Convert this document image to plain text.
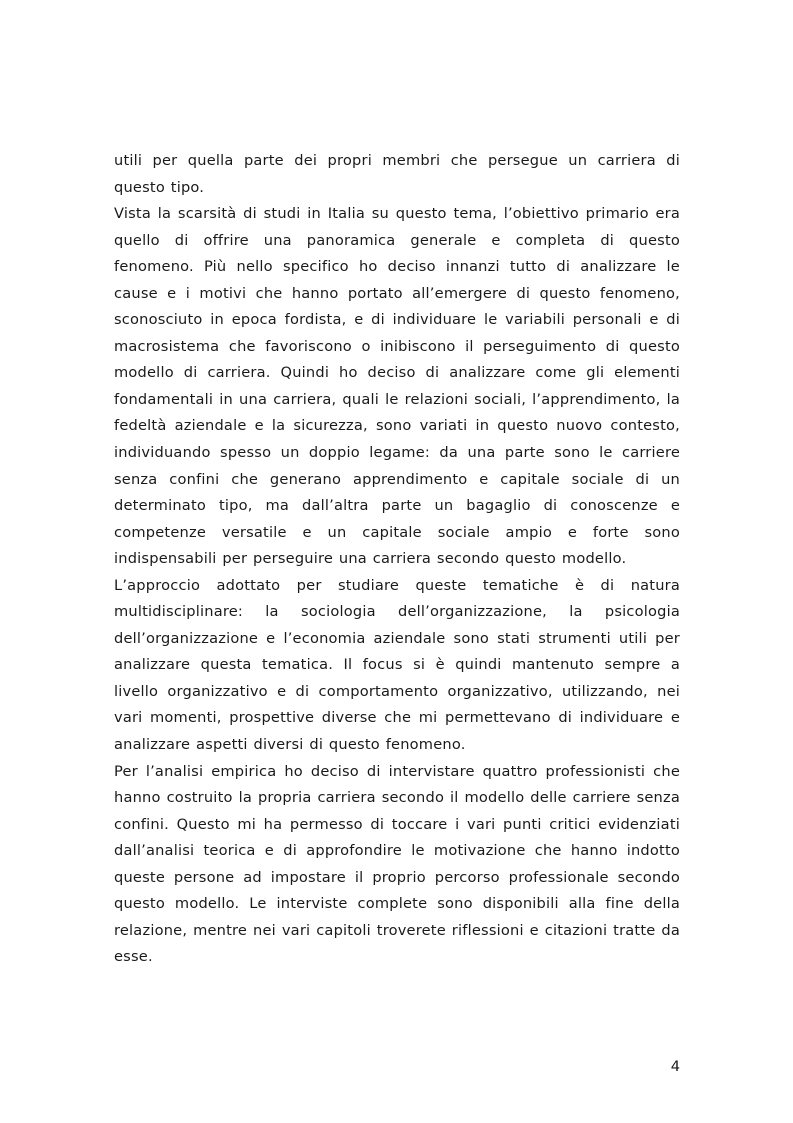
utili per quella parte dei propri membri che persegue un carriera di questo tipo.

Vista la scarsità di studi in Italia su questo tema, l’obiettivo primario era quello di offrire una panoramica generale e completa di questo fenomeno. Più nello specifico ho deciso innanzi tutto di analizzare le cause e i motivi che hanno portato all’emergere di questo fenomeno, sconosciuto in epoca fordista, e di individuare le variabili personali e di macrosistema che favoriscono o inibiscono il perseguimento di questo modello di carriera. Quindi ho deciso di analizzare come gli elementi fondamentali in una carriera, quali le relazioni sociali, l’apprendimento, la fedeltà aziendale e la sicurezza, sono variati in questo nuovo contesto, individuando spesso un doppio legame: da una parte sono le carriere senza confini che generano apprendimento e capitale sociale di un determinato tipo, ma dall’altra parte un bagaglio di conoscenze e competenze versatile e un capitale sociale ampio e forte sono indispensabili per perseguire una carriera secondo questo modello.

L’approccio adottato per studiare queste tematiche è di natura multidisciplinare: la sociologia dell’organizzazione, la psicologia dell’organizzazione e l’economia aziendale sono stati strumenti utili per analizzare questa tematica. Il focus si è quindi mantenuto sempre a livello organizzativo e di comportamento organizzativo, utilizzando, nei vari momenti, prospettive diverse che mi permettevano di individuare e analizzare aspetti diversi di questo fenomeno.

Per l’analisi empirica ho deciso di intervistare quattro professionisti che hanno costruito la propria carriera secondo il modello delle carriere senza confini. Questo mi ha permesso di toccare i vari punti critici evidenziati dall’analisi teorica e di approfondire le motivazione che hanno indotto queste persone ad impostare il proprio percorso professionale secondo questo modello. Le interviste complete sono disponibili alla fine della relazione, mentre nei vari capitoli troverete riflessioni e citazioni tratte da esse.

4
